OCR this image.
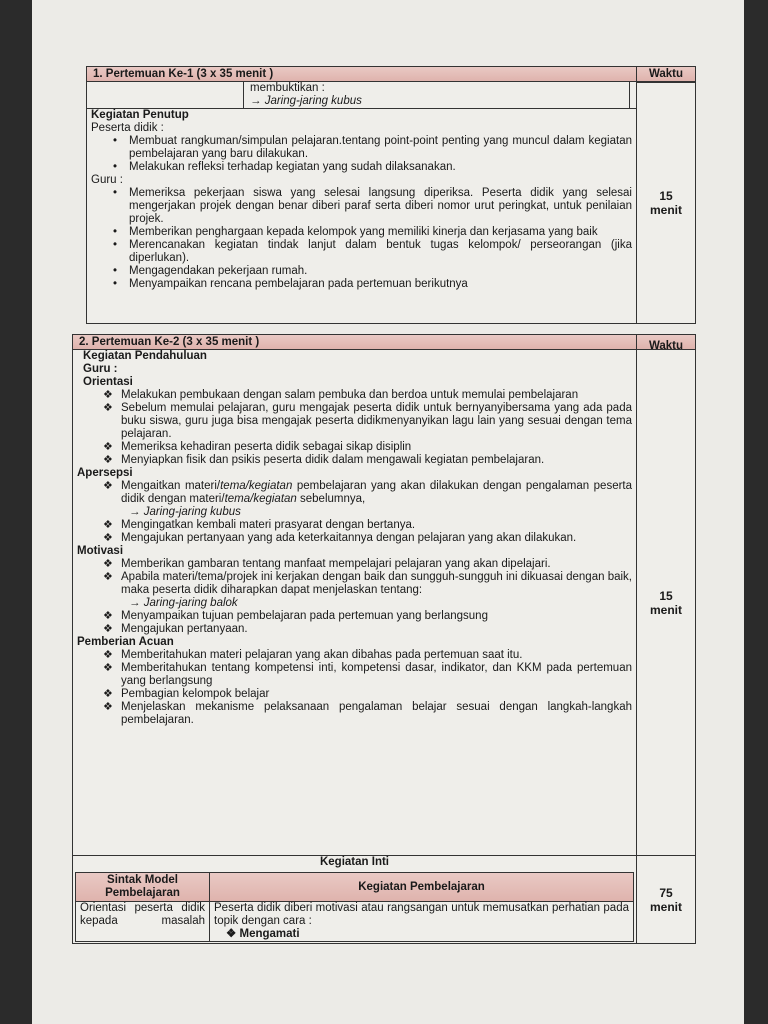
1. Pertemuan Ke-1 (3 x 35 menit )	Waktu
membuktikan :
→ Jaring-jaring kubus
Kegiatan Penutup
Peserta didik :
• Membuat rangkuman/simpulan pelajaran.tentang point-point penting yang muncul dalam kegiatan pembelajaran yang baru dilakukan.
• Melakukan refleksi terhadap kegiatan yang sudah dilaksanakan.
Guru :
• Memeriksa pekerjaan siswa yang selesai langsung diperiksa. Peserta didik yang selesai mengerjakan projek dengan benar diberi paraf serta diberi nomor urut peringkat, untuk penilaian projek.
• Memberikan penghargaan kepada kelompok yang memiliki kinerja dan kerjasama yang baik
• Merencanakan kegiatan tindak lanjut dalam bentuk tugas kelompok/ perseorangan (jika diperlukan).
• Mengagendakan pekerjaan rumah.
• Menyampaikan rencana pembelajaran pada pertemuan berikutnya
15
menit
2. Pertemuan Ke-2 (3 x 35 menit )	Waktu
Kegiatan Pendahuluan
Guru :
Orientasi
❖ Melakukan pembukaan dengan salam pembuka dan berdoa untuk memulai pembelajaran
❖ Sebelum memulai pelajaran, guru mengajak peserta didik untuk bernyanyibersama yang ada pada buku siswa, guru juga bisa mengajak peserta didikmenyanyikan lagu lain yang sesuai dengan tema pelajaran.
❖ Memeriksa kehadiran peserta didik sebagai sikap disiplin
❖ Menyiapkan fisik dan psikis peserta didik dalam mengawali kegiatan pembelajaran.
Apersepsi
❖ Mengaitkan materi/tema/kegiatan pembelajaran yang akan dilakukan dengan pengalaman peserta didik dengan materi/tema/kegiatan sebelumnya,
→ Jaring-jaring kubus
❖ Mengingatkan kembali materi prasyarat dengan bertanya.
❖ Mengajukan pertanyaan yang ada keterkaitannya dengan pelajaran yang akan dilakukan.
Motivasi
❖ Memberikan gambaran tentang manfaat mempelajari pelajaran yang akan dipelajari.
❖ Apabila materi/tema/projek ini kerjakan dengan baik dan sungguh-sungguh ini dikuasai dengan baik, maka peserta didik diharapkan dapat menjelaskan tentang:
→ Jaring-jaring balok
❖ Menyampaikan tujuan pembelajaran pada pertemuan yang berlangsung
❖ Mengajukan pertanyaan.
Pemberian Acuan
❖ Memberitahukan materi pelajaran yang akan dibahas pada pertemuan saat itu.
❖ Memberitahukan tentang kompetensi inti, kompetensi dasar, indikator, dan KKM pada pertemuan yang berlangsung
❖ Pembagian kelompok belajar
❖ Menjelaskan mekanisme pelaksanaan pengalaman belajar sesuai dengan langkah-langkah pembelajaran.
15
menit
Kegiatan Inti
Sintak Model Pembelajaran
Kegiatan Pembelajaran
Orientasi peserta didik kepada masalah
Peserta didik diberi motivasi atau rangsangan untuk memusatkan perhatian pada topik dengan cara :
❖ Mengamati
75
menit
